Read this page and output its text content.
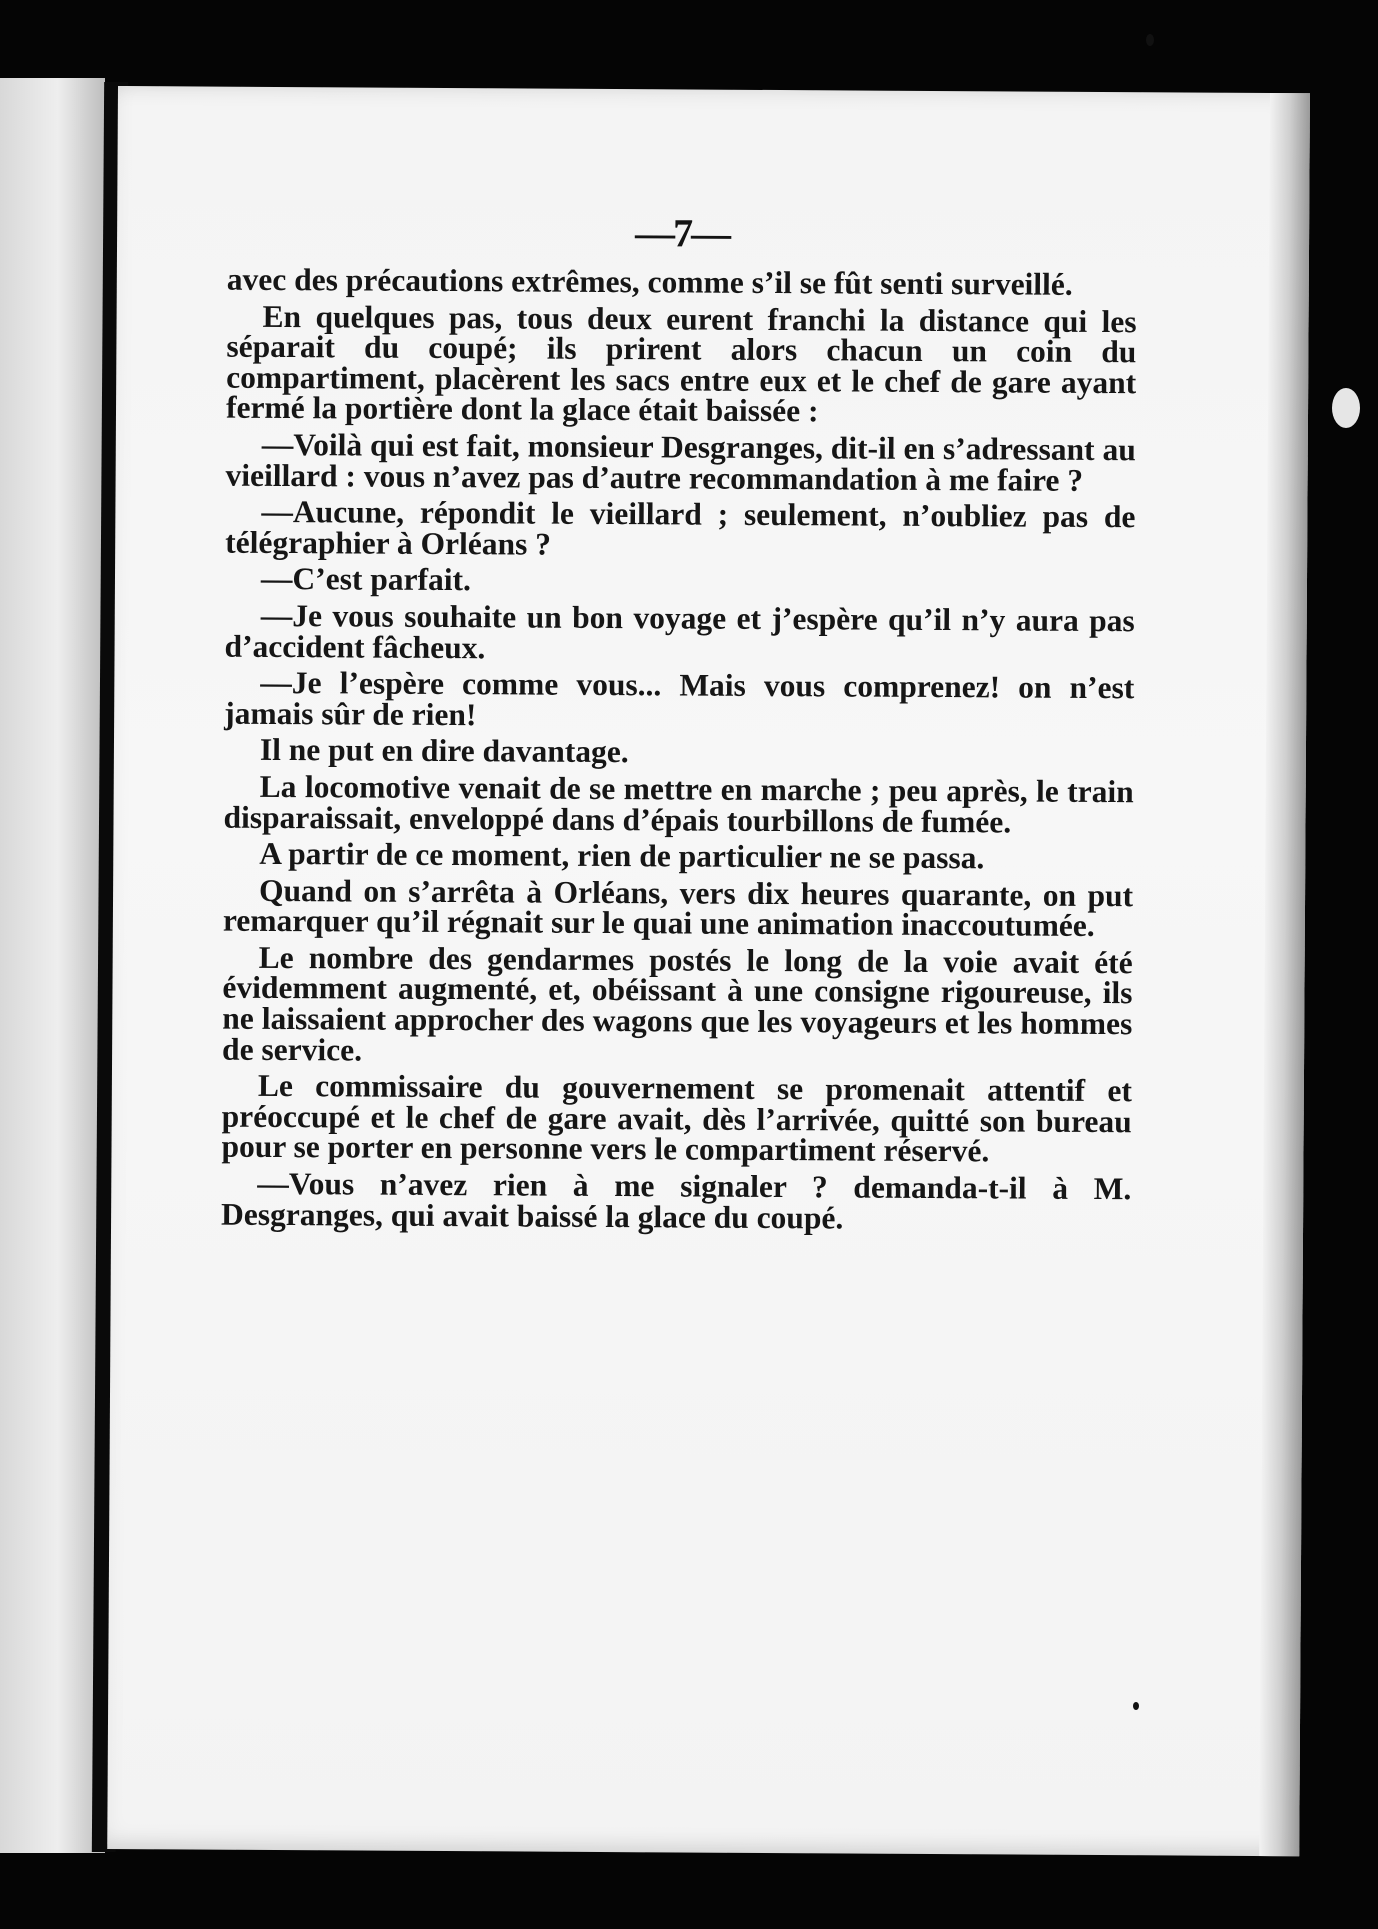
—7—

avec des précautions extrêmes, comme s’il se fût senti surveillé.

En quelques pas, tous deux eurent franchi la distance qui les séparait du coupé; ils prirent alors chacun un coin du compartiment, placèrent les sacs entre eux et le chef de gare ayant fermé la portière dont la glace était baissée :

—Voilà qui est fait, monsieur Desgranges, dit-il en s’adressant au vieillard : vous n’avez pas d’autre recommandation à me faire ?

—Aucune, répondit le vieillard ; seulement, n’oubliez pas de télégraphier à Orléans ?

—C’est parfait.

—Je vous souhaite un bon voyage et j’espère qu’il n’y aura pas d’accident fâcheux.

—Je l’espère comme vous... Mais vous comprenez! on n’est jamais sûr de rien!

Il ne put en dire davantage.

La locomotive venait de se mettre en marche ; peu après, le train disparaissait, enveloppé dans d’épais tourbillons de fumée.

A partir de ce moment, rien de particulier ne se passa.

Quand on s’arrêta à Orléans, vers dix heures quarante, on put remarquer qu’il régnait sur le quai une animation inaccoutumée.

Le nombre des gendarmes postés le long de la voie avait été évidemment augmenté, et, obéissant à une consigne rigoureuse, ils ne laissaient approcher des wagons que les voyageurs et les hommes de service.

Le commissaire du gouvernement se promenait attentif et préoccupé et le chef de gare avait, dès l’arrivée, quitté son bureau pour se porter en personne vers le compartiment réservé.

—Vous n’avez rien à me signaler ? demanda-t-il à M. Desgranges, qui avait baissé la glace du coupé.
